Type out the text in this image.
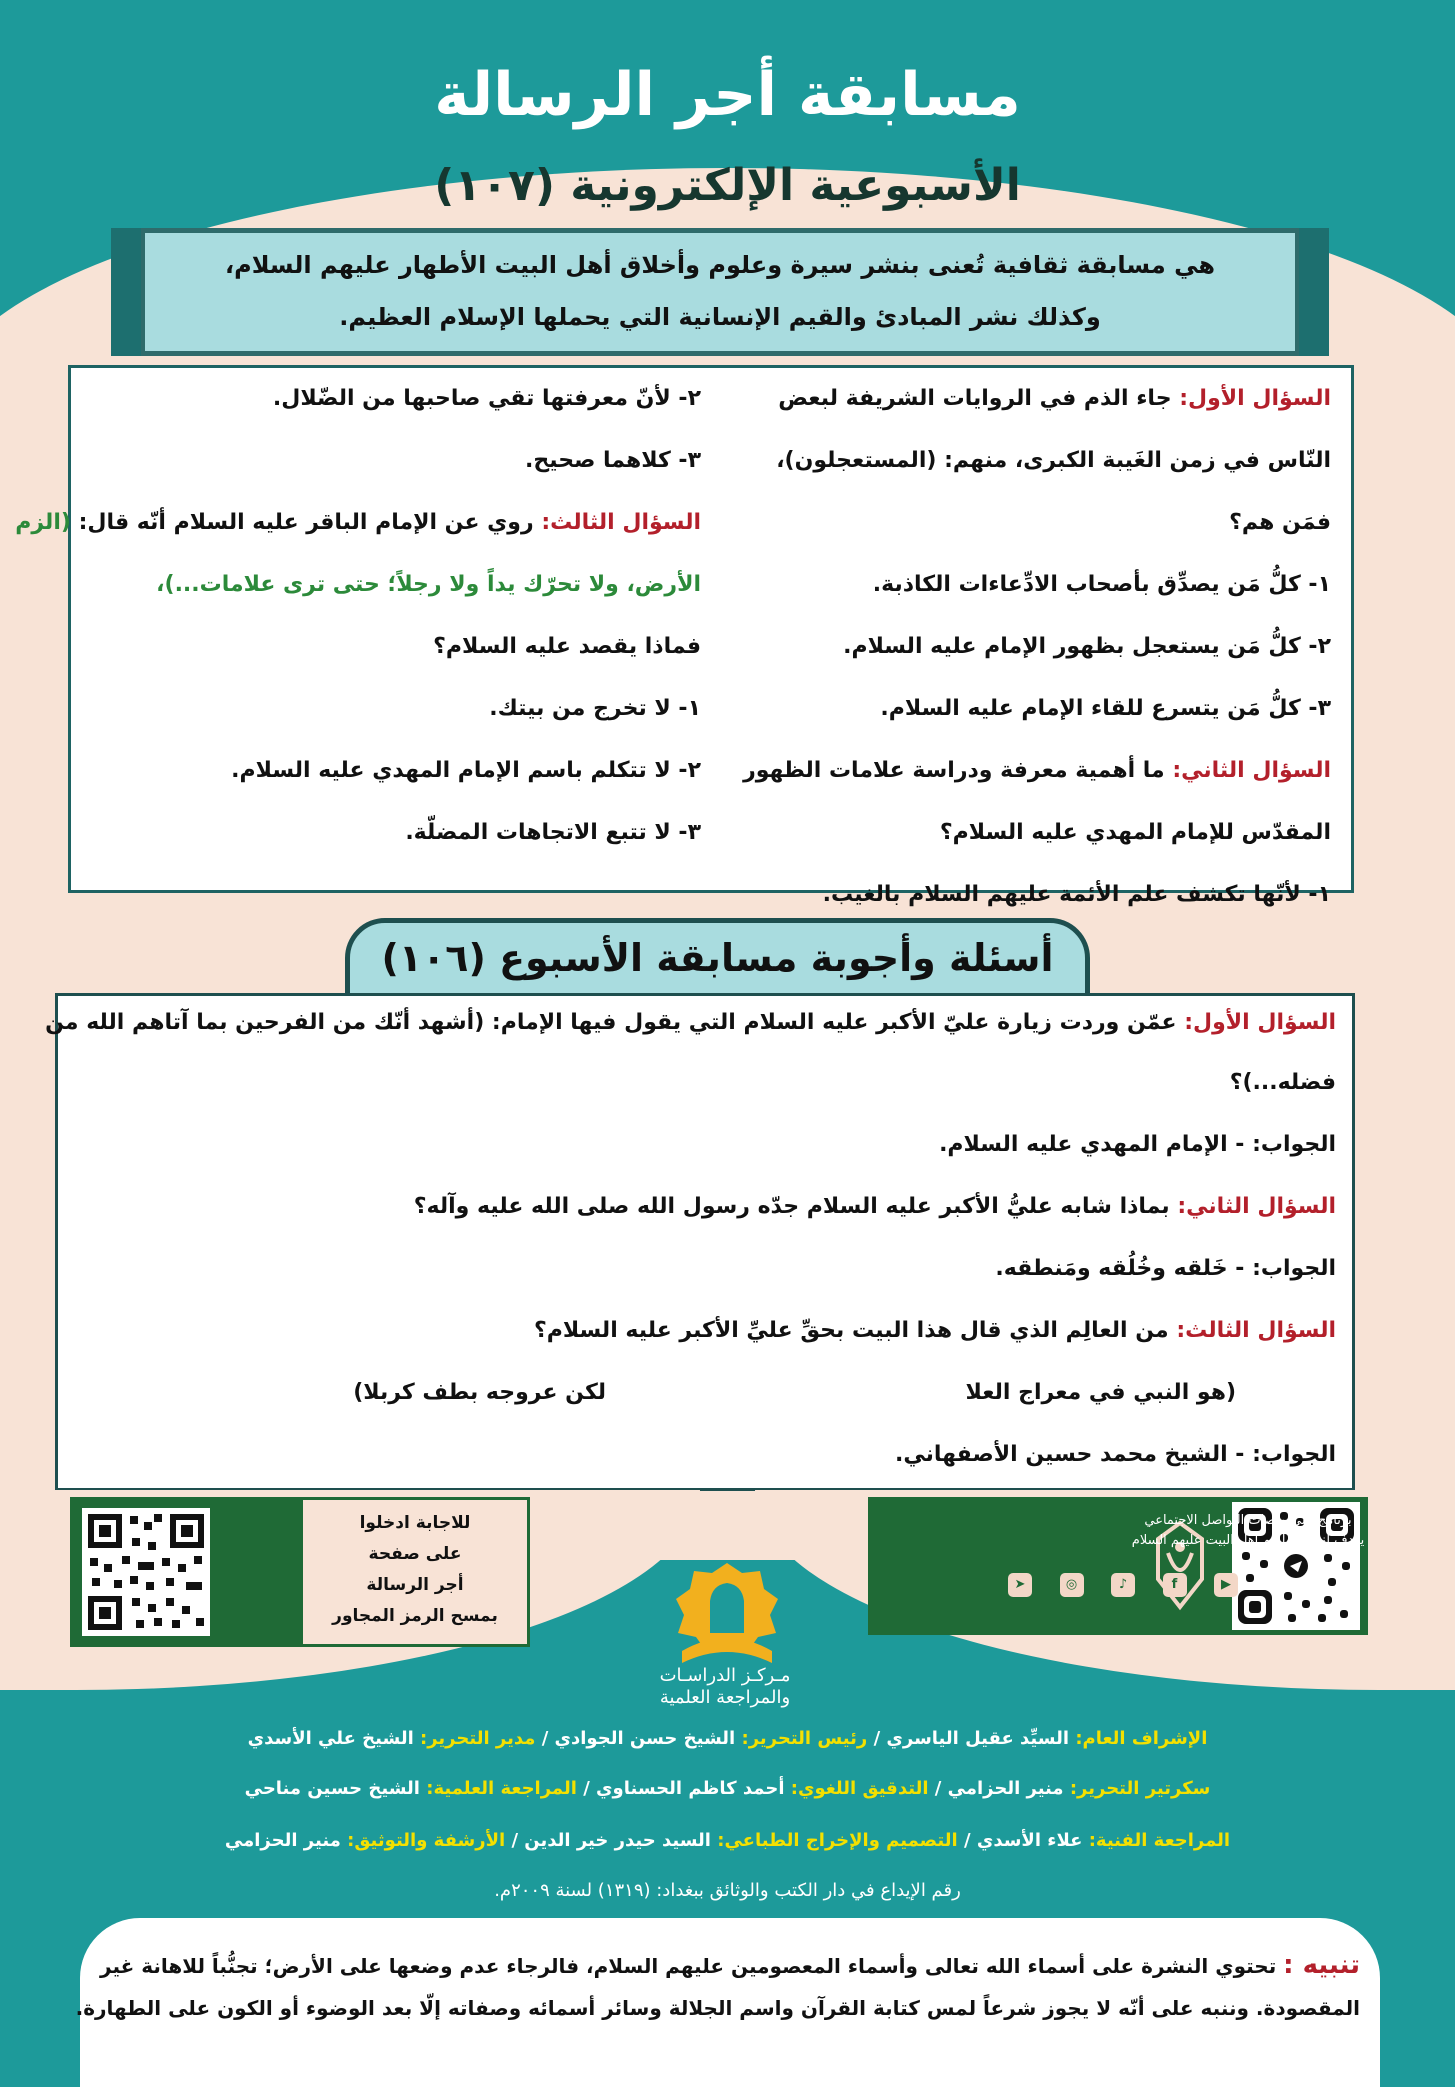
مسابقة أجر الرسالة
الأسبوعية الإلكترونية (١٠٧)
هي مسابقة ثقافية تُعنى بنشر سيرة وعلوم وأخلاق أهل البيت الأطهار عليهم السلام،
وكذلك نشر المبادئ والقيم الإنسانية التي يحملها الإسلام العظيم.
السؤال الأول: جاء الذم في الروايات الشريفة لبعض
النّاس في زمن الغَيبة الكبرى، منهم: (المستعجلون)،
فمَن هم؟
١- كلُّ مَن يصدِّق بأصحاب الادِّعاءات الكاذبة.
٢- كلُّ مَن يستعجل بظهور الإمام عليه السلام.
٣- كلُّ مَن يتسرع للقاء الإمام عليه السلام.
السؤال الثاني: ما أهمية معرفة ودراسة علامات الظهور
المقدّس للإمام المهدي عليه السلام؟
١- لأنّها تكشف علم الأئمة عليهم السلام بالغيب.
٢- لأنّ معرفتها تقي صاحبها من الضّلال.
٣- كلاهما صحيح.
السؤال الثالث: روي عن الإمام الباقر عليه السلام أنّه قال: (الزم
الأرض، ولا تحرّك يداً ولا رجلاً؛ حتى ترى علامات...)،
فماذا يقصد عليه السلام؟
١- لا تخرج من بيتك.
٢- لا تتكلم باسم الإمام المهدي عليه السلام.
٣- لا تتبع الاتجاهات المضلّة.
أسئلة وأجوبة مسابقة الأسبوع (١٠٦)
السؤال الأول: عمّن وردت زيارة عليّ الأكبر عليه السلام التي يقول فيها الإمام: (أشهد أنّك من الفرحين بما آتاهم الله من
فضله...)؟
الجواب: - الإمام المهدي عليه السلام.
السؤال الثاني: بماذا شابه عليُّ الأكبر عليه السلام جدّه رسول الله صلى الله عليه وآله؟
الجواب: - خَلقه وخُلُقه ومَنطقه.
السؤال الثالث: من العالِم الذي قال هذا البيت بحقِّ عليِّ الأكبر عليه السلام؟
(هو النبي في معراج العلا
لكن عروجه بطف كربلا)
الجواب: - الشيخ محمد حسين الأصفهاني.
للاجابة ادخلوا
على صفحة
أجر الرسالة
بمسح الرمز المجاور
برنامج على منصات التواصل الاجتماعي
يهدف لنشر مفاهيم أهل البيت عليهم السلام
▶
f
♪
◎
➤
مـركـز الدراسـات
والمراجعة العلمية
الإشراف العام: السيِّد عقيل الياسري / رئيس التحرير: الشيخ حسن الجوادي / مدير التحرير: الشيخ علي الأسدي
سكرتير التحرير: منير الحزامي / التدقيق اللغوي: أحمد كاظم الحسناوي / المراجعة العلمية: الشيخ حسين مناحي
المراجعة الفنية: علاء الأسدي / التصميم والإخراج الطباعي: السيد حيدر خير الدين / الأرشفة والتوثيق: منير الحزامي
رقم الإيداع في دار الكتب والوثائق ببغداد: (١٣١٩) لسنة ٢٠٠٩م.
تنبيه : تحتوي النشرة على أسماء الله تعالى وأسماء المعصومين عليهم السلام، فالرجاء عدم وضعها على الأرض؛ تجنُّباً للاهانة غير
المقصودة. وننبه على أنّه لا يجوز شرعاً لمس كتابة القرآن واسم الجلالة وسائر أسمائه وصفاته إلّا بعد الوضوء أو الكون على الطهارة.
